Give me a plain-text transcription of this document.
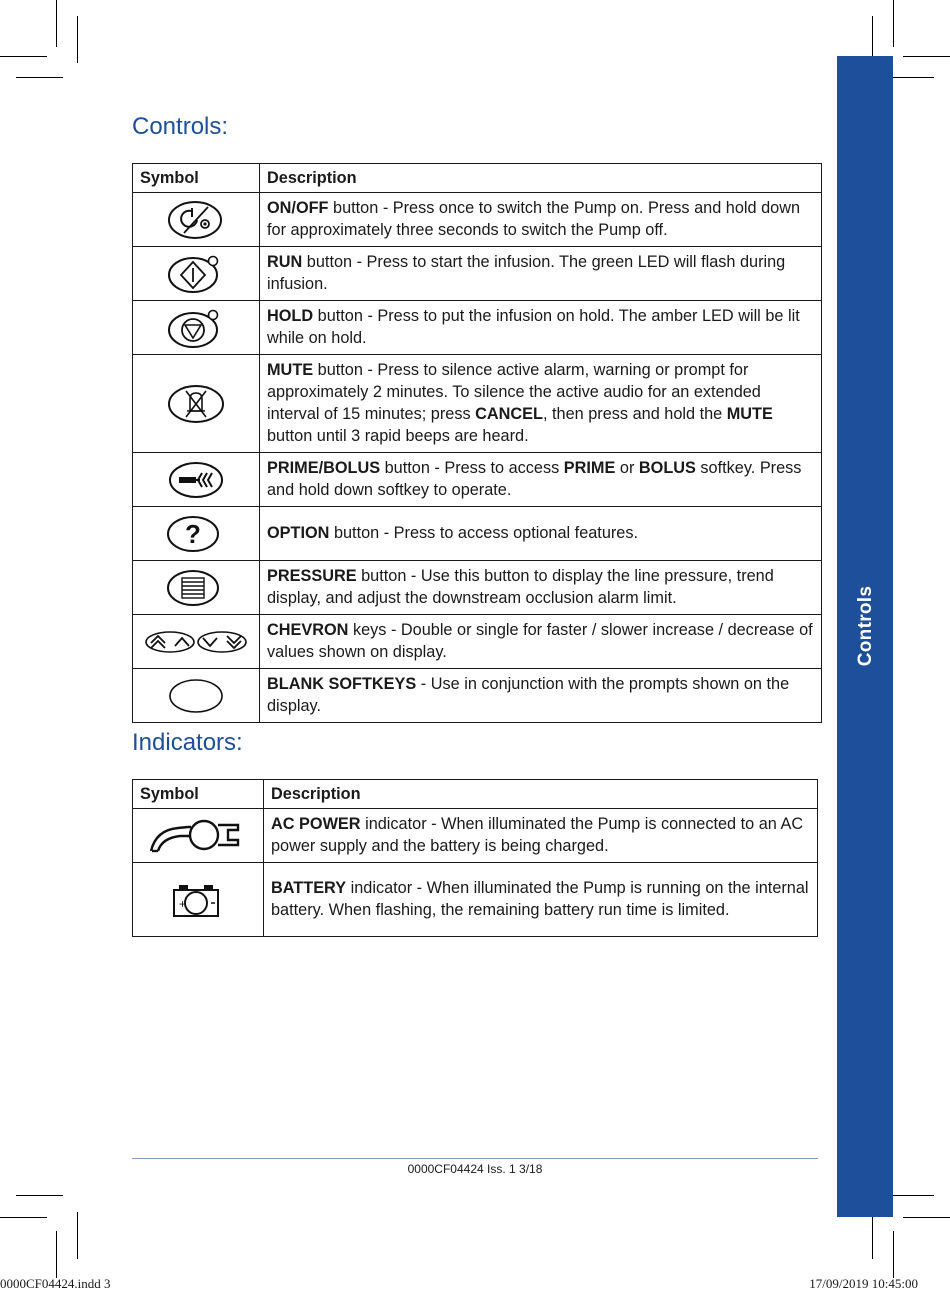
Controls
Controls:
Symbol	Description

	ON/OFF button - Press once to switch the Pump on. Press and hold down for approximately three seconds to switch the Pump off.

	RUN button - Press to start the infusion. The green LED will flash during infusion.

	HOLD button - Press to put the infusion on hold. The amber LED will be lit while on hold.

	MUTE button - Press to silence active alarm, warning or prompt for approximately 2 minutes. To silence the active audio for an extended interval of 15 minutes; press CANCEL, then press and hold the MUTE button until 3 rapid beeps are heard.

	PRIME/BOLUS button - Press to access PRIME or BOLUS softkey. Press and hold down softkey to operate.

?	OPTION button - Press to access optional features.

	PRESSURE button - Use this button to display the line pressure, trend display, and adjust the downstream occlusion alarm limit.

	CHEVRON keys - Double or single for faster / slower increase / decrease of values shown on display.

	BLANK SOFTKEYS - Use in conjunction with the prompts shown on the display.
Indicators:
Symbol	Description

	AC POWER indicator - When illuminated the Pump is connected to an AC power supply and the battery is being charged.

+	BATTERY indicator - When illuminated the Pump is running on the internal battery. When flashing, the remaining battery run time is limited.
0000CF04424 Iss. 1 3/18
0000CF04424.indd 3	17/09/2019 10:45:00
